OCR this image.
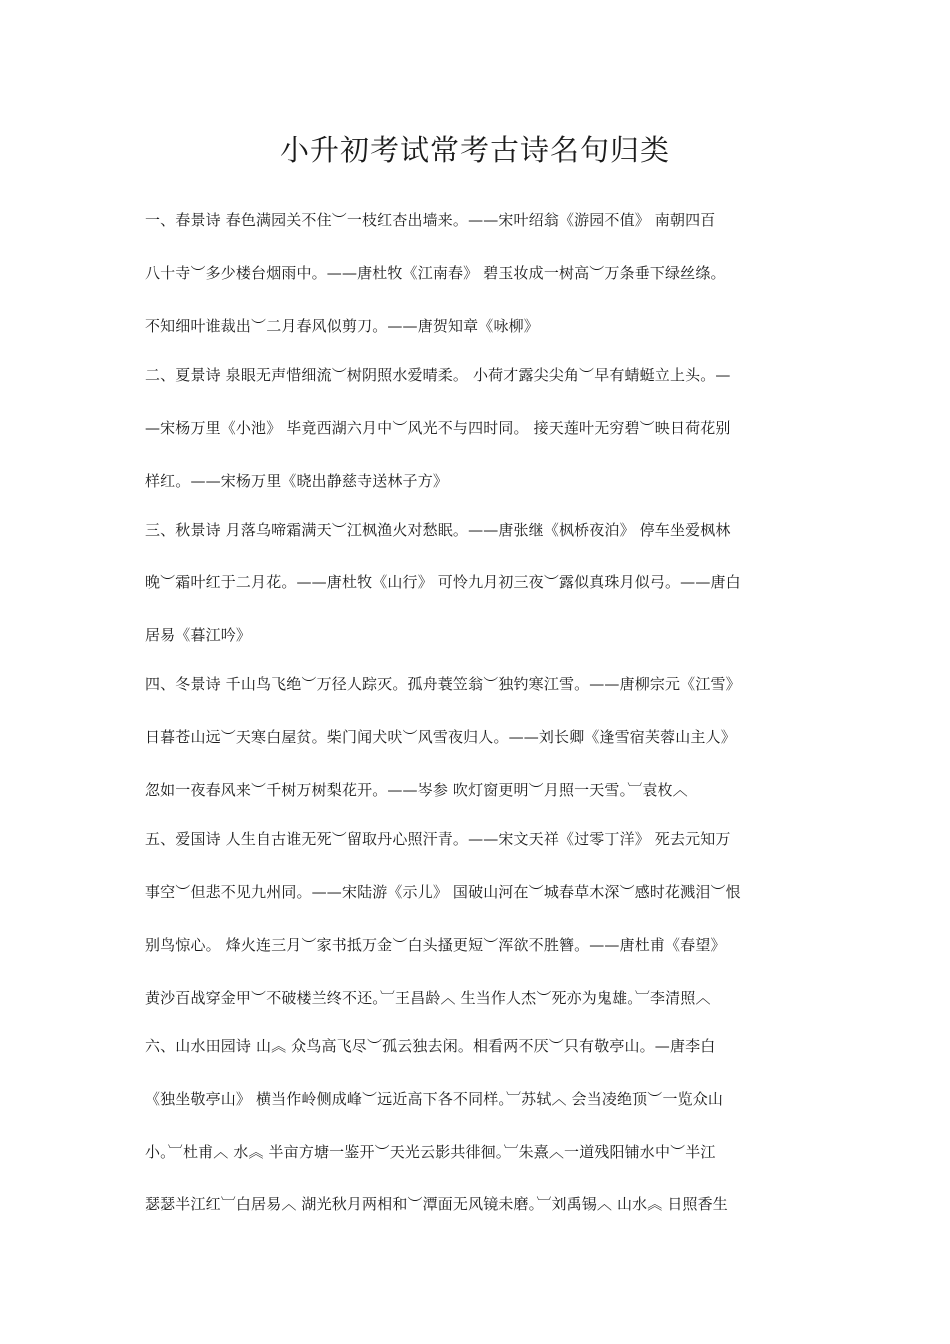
小升初考试常考古诗名句归类
一、春景诗 春色满园关不住︶一枝红杏出墙来。——宋叶绍翁《游园不值》 南朝四百
八十寺︶多少楼台烟雨中。——唐杜牧《江南春》 碧玉妆成一树高︶万条垂下绿丝绦。
不知细叶谁裁出︶二月春风似剪刀。——唐贺知章《咏柳》
二、夏景诗 泉眼无声惜细流︶树阴照水爱晴柔。 小荷才露尖尖角︶早有蜻蜓立上头。—
—宋杨万里《小池》 毕竟西湖六月中︶风光不与四时同。 接天莲叶无穷碧︶映日荷花别
样红。——宋杨万里《晓出静慈寺送林子方》
三、秋景诗 月落乌啼霜满天︶江枫渔火对愁眠。——唐张继《枫桥夜泊》 停车坐爱枫林
晚︶霜叶红于二月花。——唐杜牧《山行》 可怜九月初三夜︶露似真珠月似弓。——唐白
居易《暮江吟》
四、冬景诗 千山鸟飞绝︶万径人踪灭。孤舟蓑笠翁︶独钓寒江雪。——唐柳宗元《江雪》
日暮苍山远︶天寒白屋贫。柴门闻犬吠︶风雪夜归人。——刘长卿《逢雪宿芙蓉山主人》
忽如一夜春风来︶千树万树梨花开。——岑参 吹灯窗更明︶月照一天雪。︺袁枚︿
五、爱国诗 人生自古谁无死︶留取丹心照汗青。——宋文天祥《过零丁洋》 死去元知万
事空︶但悲不见九州同。——宋陆游《示儿》 国破山河在︶城春草木深︶感时花溅泪︶恨
别鸟惊心。 烽火连三月︶家书抵万金︶白头搔更短︶浑欲不胜簪。——唐杜甫《春望》
黄沙百战穿金甲︶不破楼兰终不还。︺王昌龄︿ 生当作人杰︶死亦为鬼雄。︺李清照︿
六、山水田园诗 山︽ 众鸟高飞尽︶孤云独去闲。相看两不厌︶只有敬亭山。—唐李白
《独坐敬亭山》 横当作岭侧成峰︶远近高下各不同样。︺苏轼︿ 会当凌绝顶︶一览众山
小。︺杜甫︿ 水︽ 半亩方塘一鉴开︶天光云影共徘徊。︺朱熹︿一道残阳铺水中︶半江
瑟瑟半江红︺白居易︿ 湖光秋月两相和︶潭面无风镜未磨。︺刘禹锡︿ 山水︽ 日照香生
